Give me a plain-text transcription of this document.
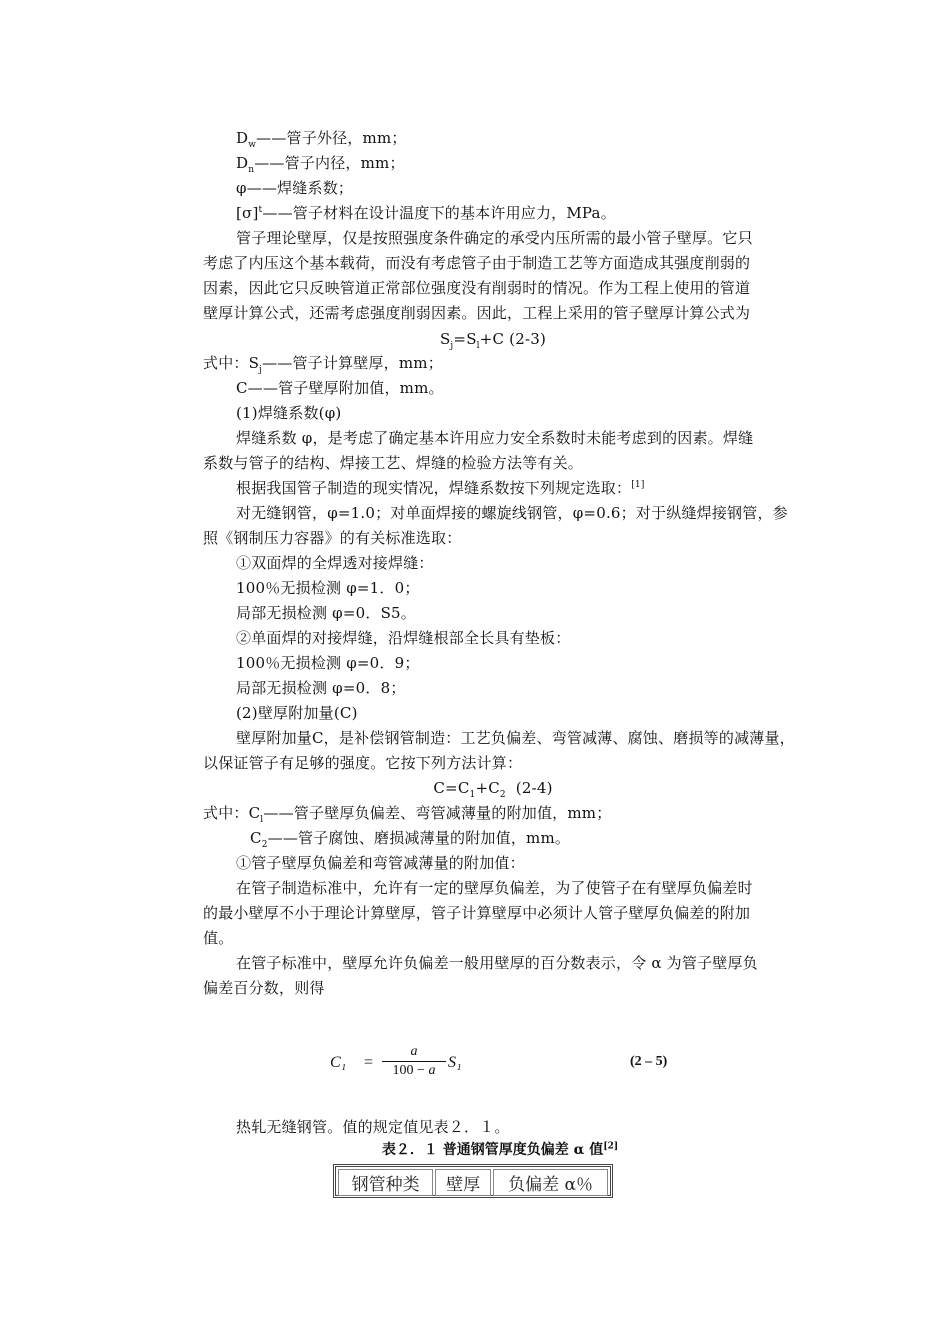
$D_w——$管子外径，mm；
$D_n——$管子内径，mm；
φ——焊缝系数；
$[\sigma]^t——$管子材料在设计温度下的基本许用应力，MPa。
管子理论壁厚，仅是按照强度条件确定的承受内压所需的最小管子壁厚。它只
考虑了内压这个基本载荷，而没有考虑管子由于制造工艺等方面造成其强度削弱的
因素，因此它只反映管道正常部位强度没有削弱时的情况。作为工程上使用的管道
壁厚计算公式，还需考虑强度削弱因素。因此，工程上采用的管子壁厚计算公式为
$S_j=S_l+C$ (2-3)
式中：$S_j——$管子计算壁厚，mm；
C——管子壁厚附加值，mm。
(1)焊缝系数(φ)
焊缝系数 φ，是考虑了确定基本许用应力安全系数时未能考虑到的因素。焊缝
系数与管子的结构、焊接工艺、焊缝的检验方法等有关。
根据我国管子制造的现实情况，焊缝系数按下列规定选取：[1]
对无缝钢管，φ=1.0；对单面焊接的螺旋线钢管，φ=0.6；对于纵缝焊接钢管，参
照《钢制压力容器》的有关标准选取：
①双面焊的全焊透对接焊缝：
100％无损检测 φ=1．0；
局部无损检测 φ=0．S5。
②单面焊的对接焊缝，沿焊缝根部全长具有垫板：
100％无损检测 φ=0．9；
局部无损检测 φ=0．8；
(2)壁厚附加量(C)
壁厚附加量C，是补偿钢管制造：工艺负偏差、弯管减薄、腐蚀、磨损等的减薄量，
以保证管子有足够的强度。它按下列方法计算：
$C=C_1+C_2$  (2-4)
式中：$C_l——$管子壁厚负偏差、弯管减薄量的附加值，mm；
$C_2——$管子腐蚀、磨损减薄量的附加值，mm。
①管子壁厚负偏差和弯管减薄量的附加值：
在管子制造标准中，允许有一定的壁厚负偏差，为了使管子在有壁厚负偏差时
的最小壁厚不小于理论计算壁厚，管子计算壁厚中必须计人管子壁厚负偏差的附加
值。
在管子标准中，壁厚允许负偏差一般用壁厚的百分数表示，令 α 为管子壁厚负
偏差百分数，则得
$C_1 = \frac{a}{100 - a} S_1$	(2 – 5)
热轧无缝钢管。值的规定值见表２．１。
表２．１ 普通钢管厚度负偏差 α 值[2]
钢管种类	壁厚	负偏差 α％
